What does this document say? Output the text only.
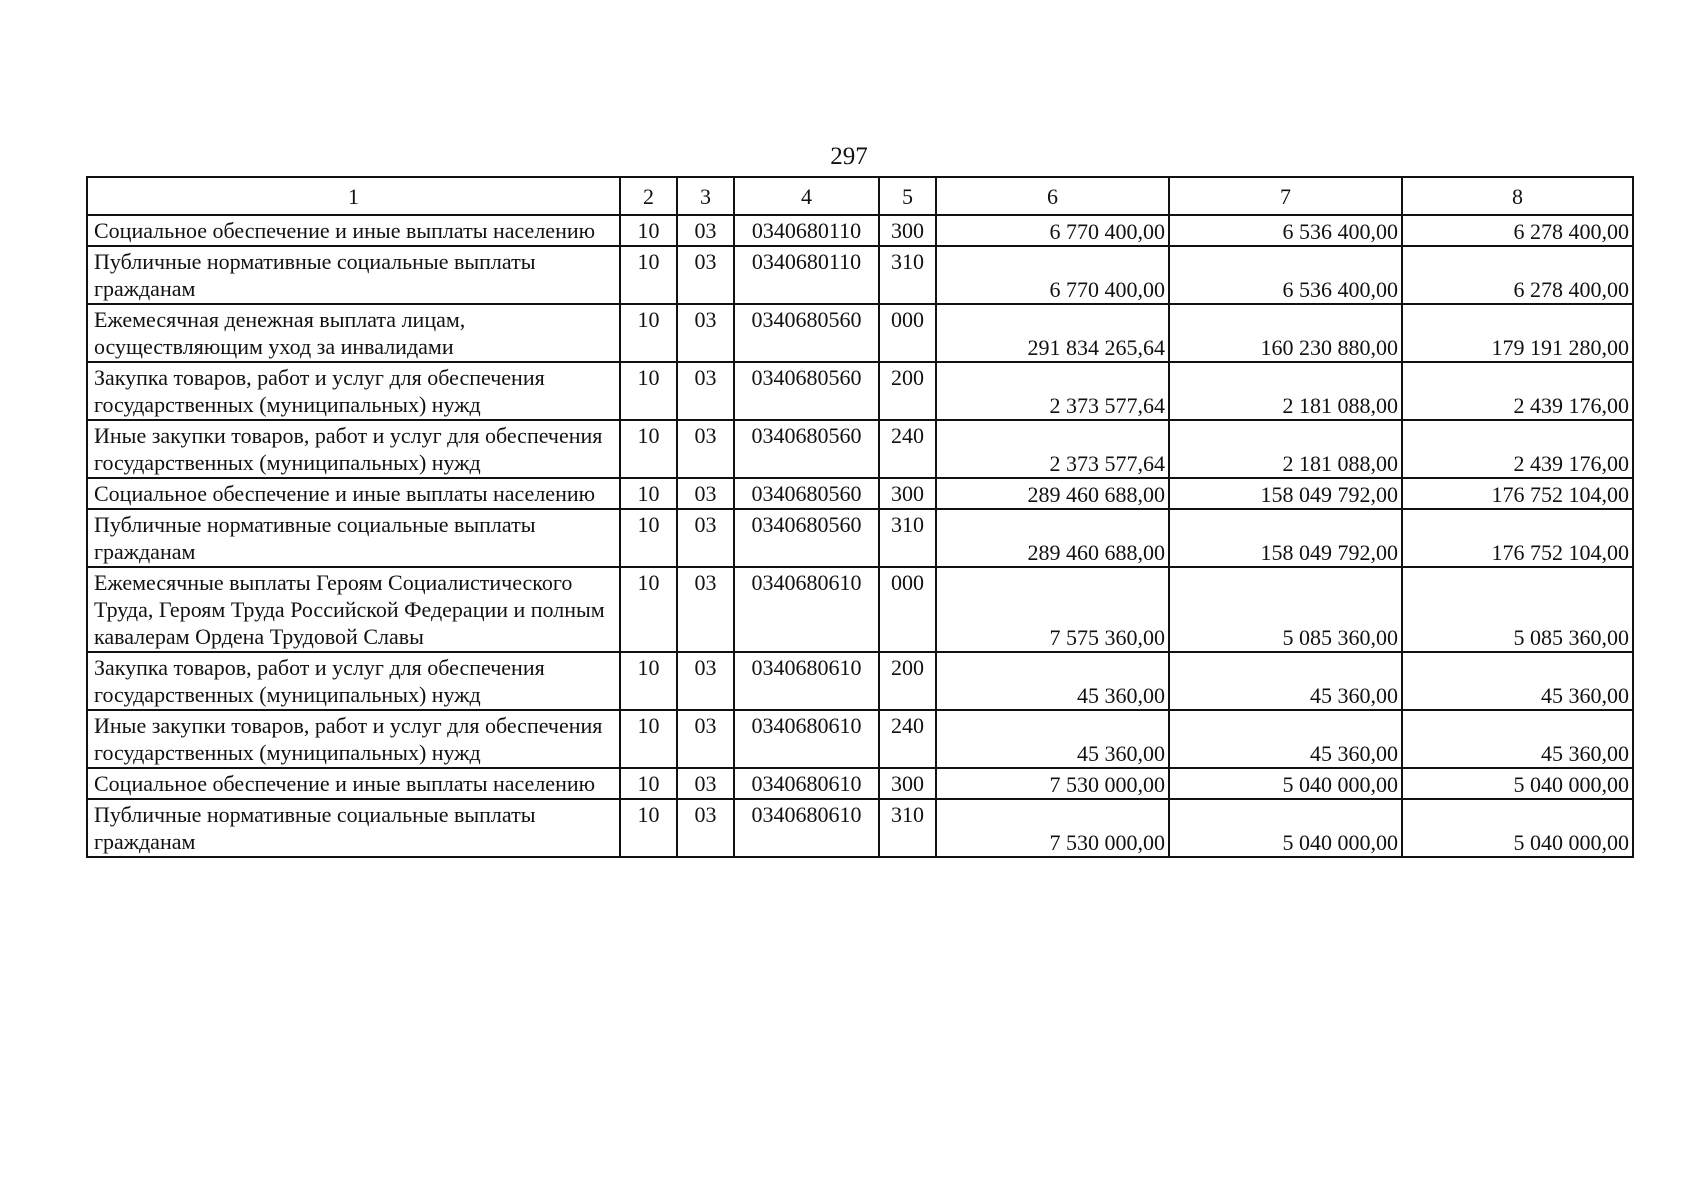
297
1	2	3	4	5	6	7	8
Социальное обеспечение и иные выплаты населению	10	03	0340680110	300	6 770 400,00	6 536 400,00	6 278 400,00
Публичные нормативные социальные выплаты гражданам	10	03	0340680110	310	6 770 400,00	6 536 400,00	6 278 400,00
Ежемесячная денежная выплата лицам, осуществляющим уход за инвалидами	10	03	0340680560	000	291 834 265,64	160 230 880,00	179 191 280,00
Закупка товаров, работ и услуг для обеспечения государственных (муниципальных) нужд	10	03	0340680560	200	2 373 577,64	2 181 088,00	2 439 176,00
Иные закупки товаров, работ и услуг для обеспечения государственных (муниципальных) нужд	10	03	0340680560	240	2 373 577,64	2 181 088,00	2 439 176,00
Социальное обеспечение и иные выплаты населению	10	03	0340680560	300	289 460 688,00	158 049 792,00	176 752 104,00
Публичные нормативные социальные выплаты гражданам	10	03	0340680560	310	289 460 688,00	158 049 792,00	176 752 104,00
Ежемесячные выплаты Героям Социалистического Труда, Героям Труда Российской Федерации и полным кавалерам Ордена Трудовой Славы	10	03	0340680610	000	7 575 360,00	5 085 360,00	5 085 360,00
Закупка товаров, работ и услуг для обеспечения государственных (муниципальных) нужд	10	03	0340680610	200	45 360,00	45 360,00	45 360,00
Иные закупки товаров, работ и услуг для обеспечения государственных (муниципальных) нужд	10	03	0340680610	240	45 360,00	45 360,00	45 360,00
Социальное обеспечение и иные выплаты населению	10	03	0340680610	300	7 530 000,00	5 040 000,00	5 040 000,00
Публичные нормативные социальные выплаты гражданам	10	03	0340680610	310	7 530 000,00	5 040 000,00	5 040 000,00
